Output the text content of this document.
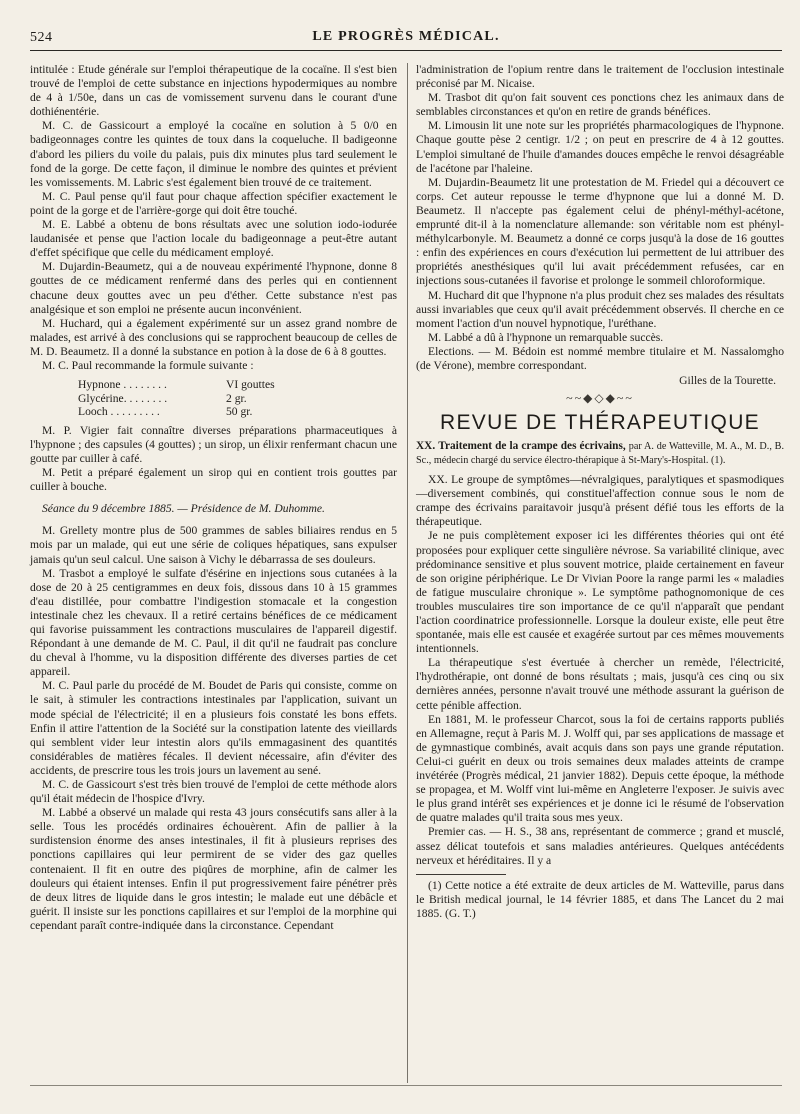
524	LE PROGRÈS MÉDICAL.

intitulée : Etude générale sur l'emploi thérapeutique de la cocaïne. Il s'est bien trouvé de l'emploi de cette substance en injections hypodermiques au nombre de 4 à 1/50e, dans un cas de vomissement survenu dans le courant d'une dothiénentérie.

M. C. de Gassicourt a employé la cocaïne en solution à 5 0/0 en badigeonnages contre les quintes de toux dans la coqueluche. Il badigeonne d'abord les piliers du voile du palais, puis dix minutes plus tard seulement le fond de la gorge. De cette façon, il diminue le nombre des quintes et prévient les vomissements. M. Labric s'est également bien trouvé de ce traitement.

M. C. Paul pense qu'il faut pour chaque affection spécifier exactement le point de la gorge et de l'arrière-gorge qui doit être touché.

M. E. Labbé a obtenu de bons résultats avec une solution iodo-iodurée laudanisée et pense que l'action locale du badigeonnage a peut-être autant d'effet spécifique que celle du médicament employé.

M. Dujardin-Beaumetz, qui a de nouveau expérimenté l'hypnone, donne 8 gouttes de ce médicament renfermé dans des perles qui en contiennent chacune deux gouttes avec un peu d'éther. Cette substance n'est pas analgésique et son emploi ne présente aucun inconvénient.

M. Huchard, qui a également expérimenté sur un assez grand nombre de malades, est arrivé à des conclusions qui se rapprochent beaucoup de celles de M. D. Beaumetz. Il a donné la substance en potion à la dose de 6 à 8 gouttes.

M. C. Paul recommande la formule suivante :

Hypnone . . . . . . . .	VI gouttes
Glycérine. . . . . . . .	2 gr.
Looch . . . . . . . . .	50 gr.

M. P. Vigier fait connaître diverses préparations pharmaceutiques à l'hypnone ; des capsules (4 gouttes) ; un sirop, un élixir renfermant chacun une goutte par cuiller à café.

M. Petit a préparé également un sirop qui en contient trois gouttes par cuiller à bouche.

Séance du 9 décembre 1885. — Présidence de M. Duhomme.

M. Grellety montre plus de 500 grammes de sables biliaires rendus en 5 mois par un malade, qui eut une série de coliques hépatiques, sans expulser jamais qu'un seul calcul. Une saison à Vichy le débarrassa de ses douleurs.

M. Trasbot a employé le sulfate d'ésérine en injections sous cutanées à la dose de 20 à 25 centigrammes en deux fois, dissous dans 10 à 15 grammes d'eau distillée, pour combattre l'indigestion stomacale et la congestion intestinale chez les chevaux. Il a retiré certains bénéfices de ce médicament qui favorise puissamment les contractions musculaires de l'appareil digestif. Répondant à une demande de M. C. Paul, il dit qu'il ne faudrait pas conclure du cheval à l'homme, vu la disposition différente des diverses parties de cet appareil.

M. C. Paul parle du procédé de M. Boudet de Paris qui consiste, comme on le sait, à stimuler les contractions intestinales par l'application, suivant un mode spécial de l'électricité; il en a plusieurs fois constaté les bons effets. Enfin il attire l'attention de la Société sur la constipation latente des vieillards qui semblent vider leur intestin alors qu'ils emmagasinent des quantités considérables de matières fécales. Il devient nécessaire, afin d'éviter des accidents, de prescrire tous les trois jours un lavement au sené.

M. C. de Gassicourt s'est très bien trouvé de l'emploi de cette méthode alors qu'il était médecin de l'hospice d'Ivry.

M. Labbé a observé un malade qui resta 43 jours consécutifs sans aller à la selle. Tous les procédés ordinaires échouèrent. Afin de pallier à la surdistension énorme des anses intestinales, il fit à plusieurs reprises des ponctions capillaires qui leur permirent de se vider des gaz quelles contenaient. Il fit en outre des piqûres de morphine, afin de calmer les douleurs qui étaient intenses. Enfin il put progressivement faire pénétrer près de deux litres de liquide dans le gros intestin; le malade eut une débâcle et guérit. Il insiste sur les ponctions capillaires et sur l'emploi de la morphine qui cependant paraît contre-indiquée dans la circonstance. Cependant

l'administration de l'opium rentre dans le traitement de l'occlusion intestinale préconisé par M. Nicaise.

M. Trasbot dit qu'on fait souvent ces ponctions chez les animaux dans de semblables circonstances et qu'on en retire de grands bénéfices.

M. Limousin lit une note sur les propriétés pharmacologiques de l'hypnone. Chaque goutte pèse 2 centigr. 1/2 ; on peut en prescrire de 4 à 12 gouttes. L'emploi simultané de l'huile d'amandes douces empêche le renvoi désagréable de l'acétone par l'haleine.

M. Dujardin-Beaumetz lit une protestation de M. Friedel qui a découvert ce corps. Cet auteur repousse le terme d'hypnone que lui a donné M. D. Beaumetz. Il n'accepte pas également celui de phényl-méthyl-acétone, emprunté dit-il à la nomenclature allemande: son véritable nom est phényl-méthylcarbonyle. M. Beaumetz a donné ce corps jusqu'à la dose de 16 gouttes : enfin des expériences en cours d'exécution lui permettent de lui attribuer des propriétés anesthésiques qu'il lui avait précédemment refusées, car en injections sous-cutanées il favorise et prolonge le sommeil chloroformique.

M. Huchard dit que l'hypnone n'a plus produit chez ses malades des résultats aussi invariables que ceux qu'il avait précédemment observés. Il cherche en ce moment l'action d'un nouvel hypnotique, l'uréthane.

M. Labbé a dû à l'hypnone un remarquable succès.

Elections. — M. Bédoin est nommé membre titulaire et M. Nassalomgho (de Vérone), membre correspondant.

Gilles de la Tourette.
~~◆◇◆~~
REVUE DE THÉRAPEUTIQUE
XX. Traitement de la crampe des écrivains, par A. de Watteville, M. A., M. D., B. Sc., médecin chargé du service électro-thérapique à St-Mary's-Hospital. (1).

XX. Le groupe de symptômes—névralgiques, paralytiques et spasmodiques—diversement combinés, qui constituel'affection connue sous le nom de crampe des écrivains paraitavoir jusqu'à présent défié tous les efforts de la thérapeutique.

Je ne puis complètement exposer ici les différentes théories qui ont été proposées pour expliquer cette singulière névrose. Sa variabilité clinique, avec prédominance sensitive et plus souvent motrice, plaide certainement en faveur de son origine périphérique. Le Dr Vivian Poore la range parmi les « maladies de fatigue musculaire chronique ». Le symptôme pathognomonique de ces troubles musculaires tire son importance de ce qu'il n'apparaît que pendant l'action coordinatrice professionnelle. Lorsque la douleur existe, elle peut être spontanée, mais elle est causée et exagérée surtout par ces mêmes mouvements intentionnels.

La thérapeutique s'est évertuée à chercher un remède, l'électricité, l'hydrothérapie, ont donné de bons résultats ; mais, jusqu'à ces cinq ou six dernières années, personne n'avait trouvé une méthode assurant la guérison de cette pénible affection.

En 1881, M. le professeur Charcot, sous la foi de certains rapports publiés en Allemagne, reçut à Paris M. J. Wolff qui, par ses applications de massage et de gymnastique combinés, avait acquis dans son pays une grande réputation. Celui-ci guérit en deux ou trois semaines deux malades atteints de crampe invétérée (Progrès médical, 21 janvier 1882). Depuis cette époque, la méthode se propagea, et M. Wolff vint lui-même en Angleterre l'exposer. Je suivis avec le plus grand intérêt ses expériences et je donne ici le résumé de l'observation de quatre malades qu'il traita sous mes yeux.

Premier cas. — H. S., 38 ans, représentant de commerce ; grand et musclé, assez délicat toutefois et sans maladies antérieures. Quelques antécédents nerveux et héréditaires. Il y a

(1) Cette notice a été extraite de deux articles de M. Watteville, parus dans le British medical journal, le 14 février 1885, et dans The Lancet du 2 mai 1885. (G. T.)
